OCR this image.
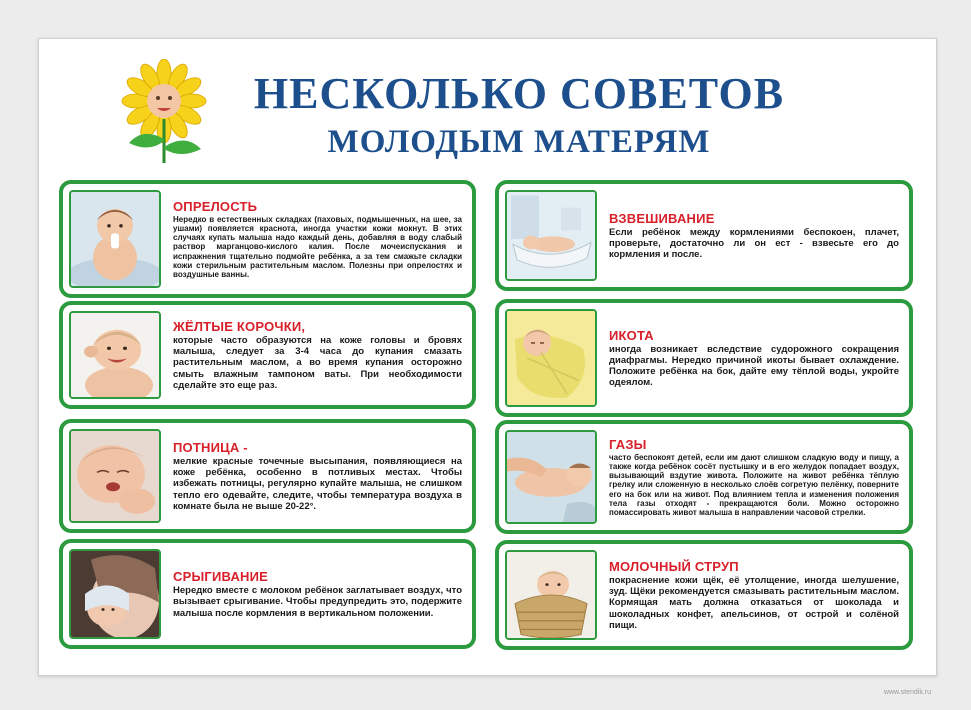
НЕСКОЛЬКО СОВЕТОВ
МОЛОДЫМ МАТЕРЯМ
ОПРЕЛОСТЬ

Нередко в естественных складках (паховых, подмышечных, на шее, за ушами) появляется краснота, иногда участки кожи мокнут. В этих случаях купать малыша надо каждый день, добавляя в воду слабый раствор марганцово-кислого калия. После мочеиспускания и испражнения тщательно подмойте ребёнка, а за тем смажьте складки кожи стерильным растительным маслом. Полезны при опрелостях и воздушные ванны.

ЖЁЛТЫЕ КОРОЧКИ,

которые часто образуются на коже головы и бровях малыша, следует за 3-4 часа до купания смазать растительным маслом, а во время купания осторожно смыть влажным тампоном ваты. При необходимости сделайте это еще раз.

ПОТНИЦА -

мелкие красные точечные высыпания, появляющиеся на коже ребёнка, особенно в потливых местах. Чтобы избежать потницы, регулярно купайте малыша, не слишком тепло его одевайте, следите, чтобы температура воздуха в комнате была не выше 20-22°.

СРЫГИВАНИЕ

Нередко вместе с молоком ребёнок заглатывает воздух, что вызывает срыгивание. Чтобы предупредить это, подержите малыша после кормления в вертикальном положении.

ВЗВЕШИВАНИЕ

Если ребёнок между кормлениями беспокоен, плачет, проверьте, достаточно ли он ест - взвесьте его до кормления и после.

ИКОТА

иногда возникает вследствие судорожного сокращения диафрагмы. Нередко причиной икоты бывает охлаждение. Положите ребёнка на бок, дайте ему тёплой воды, укройте одеялом.

ГАЗЫ

часто беспокоят детей, если им дают слишком сладкую воду и пищу, а также когда ребёнок сосёт пустышку и в его желудок попадает воздух, вызывающий вздутие живота. Положите на живот ребёнка тёплую грелку или сложенную в несколько слоёв согретую пелёнку, поверните его на бок или на живот. Под влиянием тепла и изменения положения тела газы отходят - прекращаются боли. Можно осторожно помассировать живот малыша в направлении часовой стрелки.

МОЛОЧНЫЙ СТРУП

покраснение кожи щёк, её утолщение, иногда шелушение, зуд. Щёки рекомендуется смазывать растительным маслом. Кормящая мать должна отказаться от шоколада и шоколадных конфет, апельсинов, от острой и солёной пищи.

www.stendik.ru
